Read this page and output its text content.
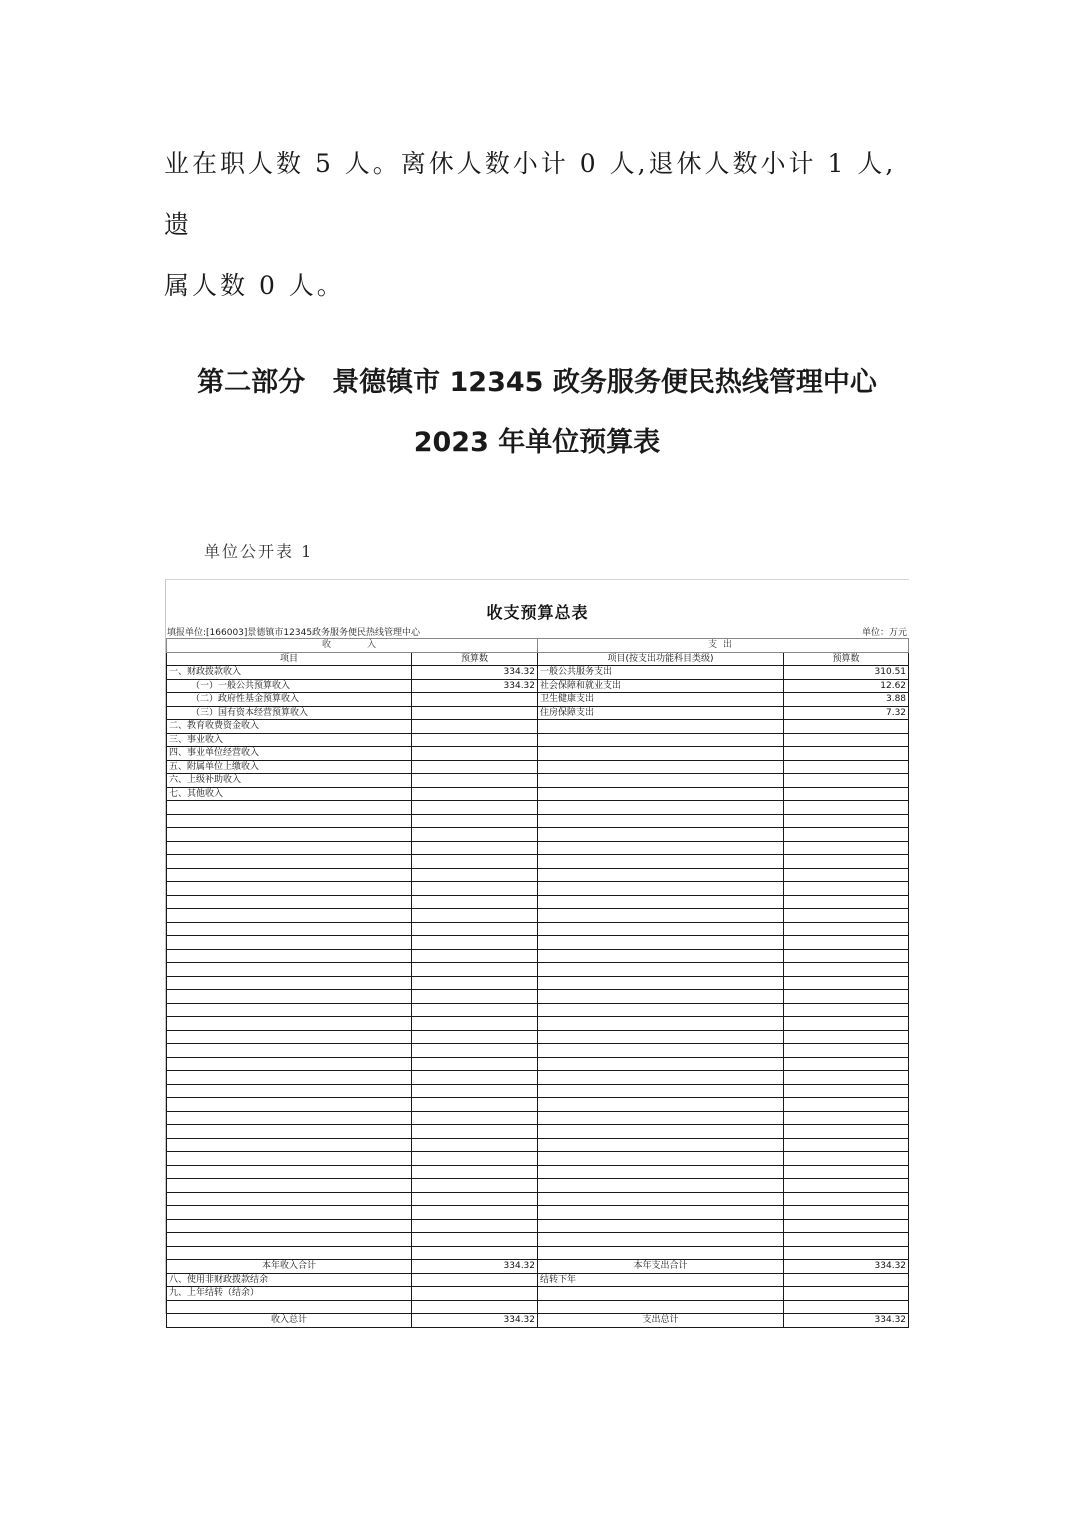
业在职人数 5 人。离休人数小计 0 人,退休人数小计 1 人,遗
属人数 0 人。

第二部分　景德镇市 12345 政务服务便民热线管理中心
2023 年单位预算表
单位公开表 1
收支预算总表
填报单位:[166003]景德镇市12345政务服务便民热线管理中心	单位：万元
收　　入		支出	
项目	预算数	项目(按支出功能科目类级)	预算数
一、财政拨款收入	334.32	一般公共服务支出	310.51
（一）一般公共预算收入	334.32	社会保障和就业支出	12.62
（二）政府性基金预算收入		卫生健康支出	3.88
（三）国有资本经营预算收入		住房保障支出	7.32
二、教育收费资金收入			
三、事业收入			
四、事业单位经营收入			
五、附属单位上缴收入			
六、上级补助收入			
七、其他收入			

本年收入合计	334.32	本年支出合计	334.32
八、使用非财政拨款结余		结转下年	
九、上年结转（结余）			

收入总计	334.32	支出总计	334.32
